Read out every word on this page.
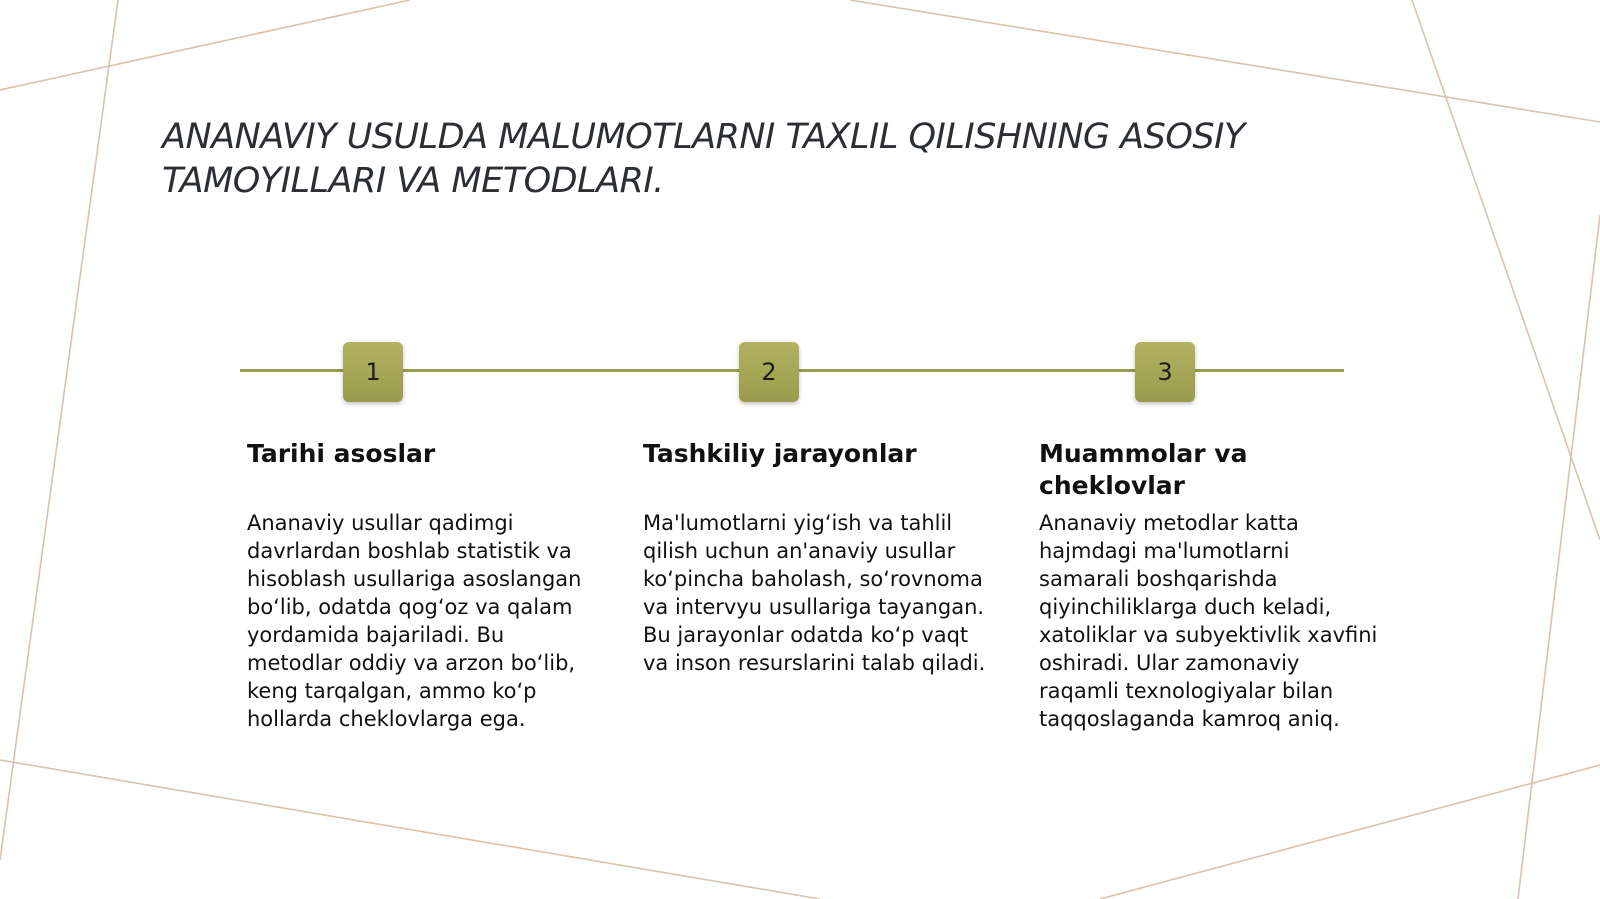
ANANAVIY USULDA MALUMOTLARNI TAXLIL QILISHNING ASOSIY TAMOYILLARI VA METODLARI.
1	2	3
Tarihi asoslar

Ananaviy usullar qadimgi davrlardan boshlab statistik va hisoblash usullariga asoslangan bo‘lib, odatda qog‘oz va qalam yordamida bajariladi. Bu metodlar oddiy va arzon bo‘lib, keng tarqalgan, ammo ko‘p hollarda cheklovlarga ega.

Tashkiliy jarayonlar

Ma'lumotlarni yig‘ish va tahlil qilish uchun an'anaviy usullar ko‘pincha baholash, so‘rovnoma va intervyu usullariga tayangan. Bu jarayonlar odatda ko‘p vaqt va inson resurslarini talab qiladi.

Muammolar va cheklovlar

Ananaviy metodlar katta hajmdagi ma'lumotlarni samarali boshqarishda qiyinchiliklarga duch keladi, xatoliklar va subyektivlik xavfini oshiradi. Ular zamonaviy raqamli texnologiyalar bilan taqqoslaganda kamroq aniq.
